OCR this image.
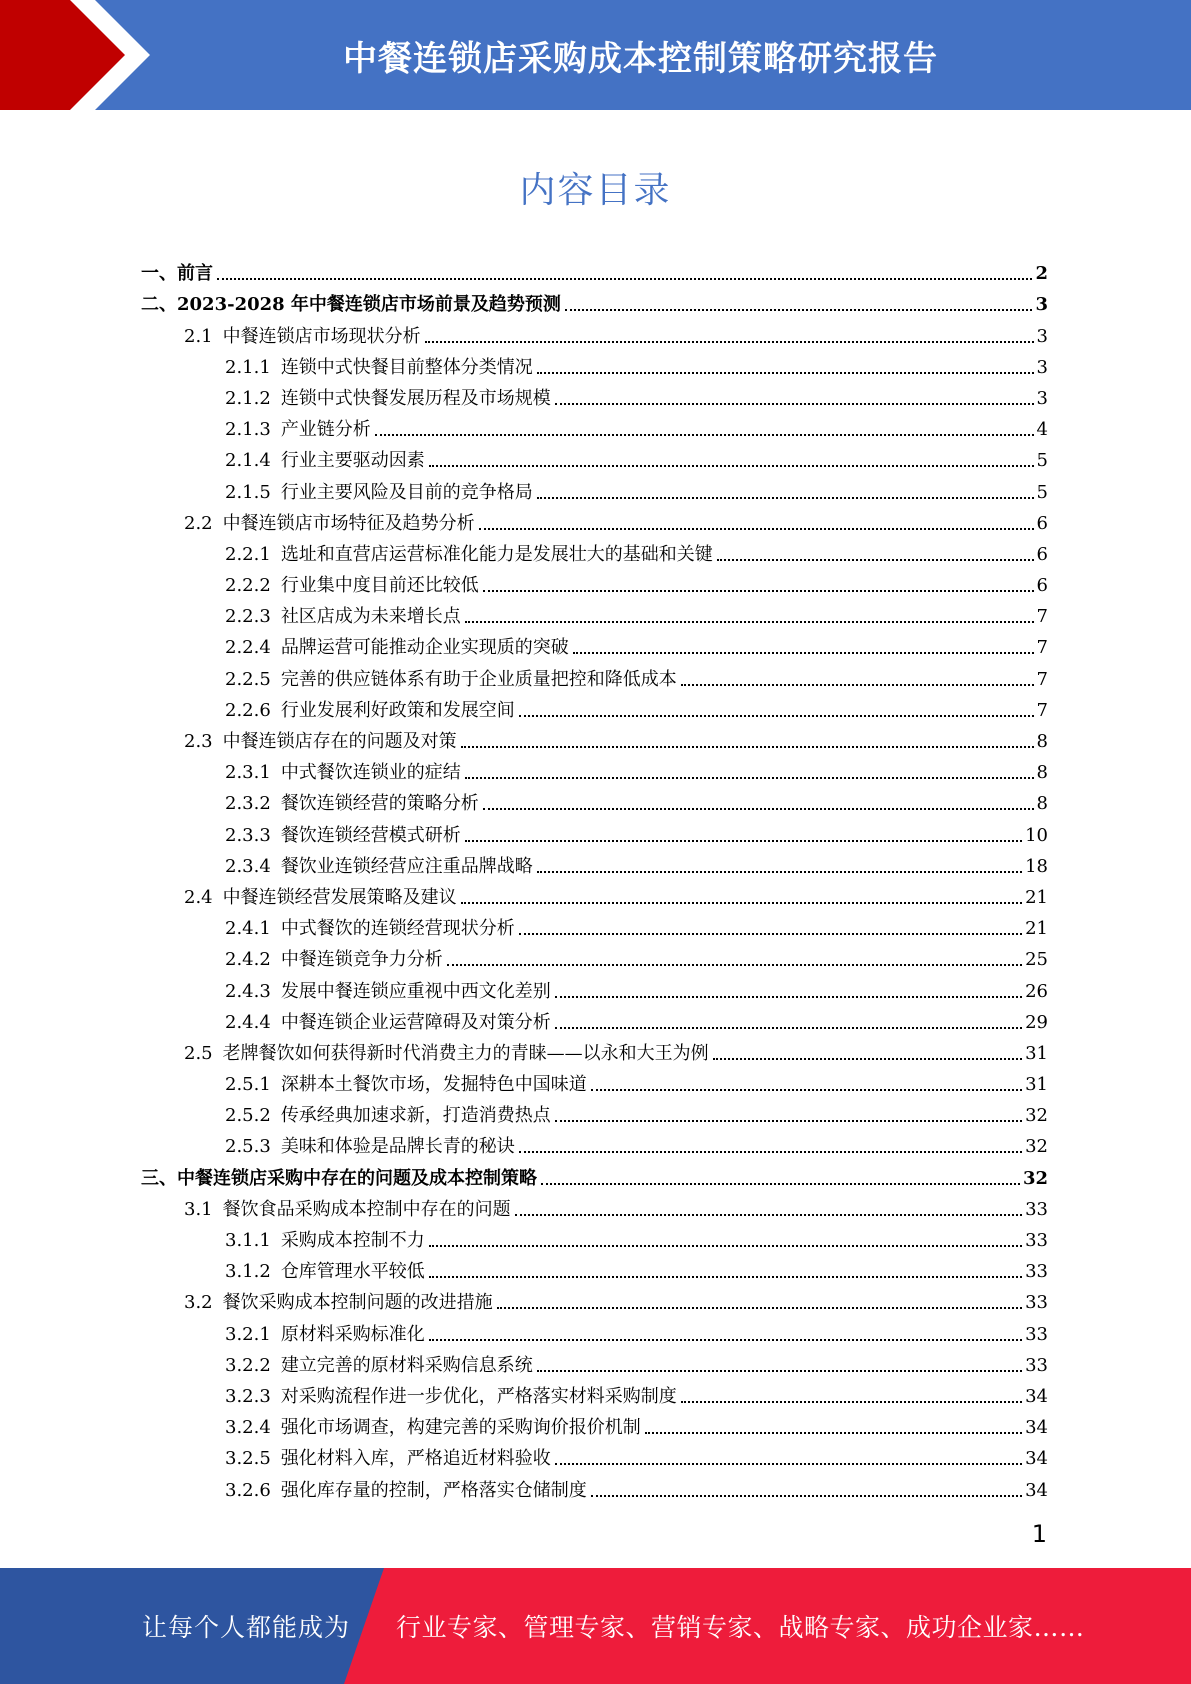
中餐连锁店采购成本控制策略研究报告
内容目录
一、 前言	2
二、 2023-2028 年中餐连锁店市场前景及趋势预测	3
2.1 中餐连锁店市场现状分析	3
2.1.1 连锁中式快餐目前整体分类情况	3
2.1.2 连锁中式快餐发展历程及市场规模	3
2.1.3 产业链分析	4
2.1.4 行业主要驱动因素	5
2.1.5 行业主要风险及目前的竞争格局	5
2.2 中餐连锁店市场特征及趋势分析	6
2.2.1 选址和直营店运营标准化能力是发展壮大的基础和关键	6
2.2.2 行业集中度目前还比较低	6
2.2.3 社区店成为未来增长点	7
2.2.4 品牌运营可能推动企业实现质的突破	7
2.2.5 完善的供应链体系有助于企业质量把控和降低成本	7
2.2.6 行业发展利好政策和发展空间	7
2.3 中餐连锁店存在的问题及对策	8
2.3.1 中式餐饮连锁业的症结	8
2.3.2 餐饮连锁经营的策略分析	8
2.3.3 餐饮连锁经营模式研析	10
2.3.4 餐饮业连锁经营应注重品牌战略	18
2.4 中餐连锁经营发展策略及建议	21
2.4.1 中式餐饮的连锁经营现状分析	21
2.4.2 中餐连锁竞争力分析	25
2.4.3 发展中餐连锁应重视中西文化差别	26
2.4.4 中餐连锁企业运营障碍及对策分析	29
2.5 老牌餐饮如何获得新时代消费主力的青睐——以永和大王为例	31
2.5.1 深耕本土餐饮市场，发掘特色中国味道	31
2.5.2 传承经典加速求新，打造消费热点	32
2.5.3 美味和体验是品牌长青的秘诀	32
三、 中餐连锁店采购中存在的问题及成本控制策略	32
3.1 餐饮食品采购成本控制中存在的问题	33
3.1.1 采购成本控制不力	33
3.1.2 仓库管理水平较低	33
3.2 餐饮采购成本控制问题的改进措施	33
3.2.1 原材料采购标准化	33
3.2.2 建立完善的原材料采购信息系统	33
3.2.3 对采购流程作进一步优化，严格落实材料采购制度	34
3.2.4 强化市场调查，构建完善的采购询价报价机制	34
3.2.5 强化材料入库，严格追近材料验收	34
3.2.6 强化库存量的控制，严格落实仓储制度	34
1
让每个人都能成为 行业专家、管理专家、营销专家、战略专家、成功企业家……
